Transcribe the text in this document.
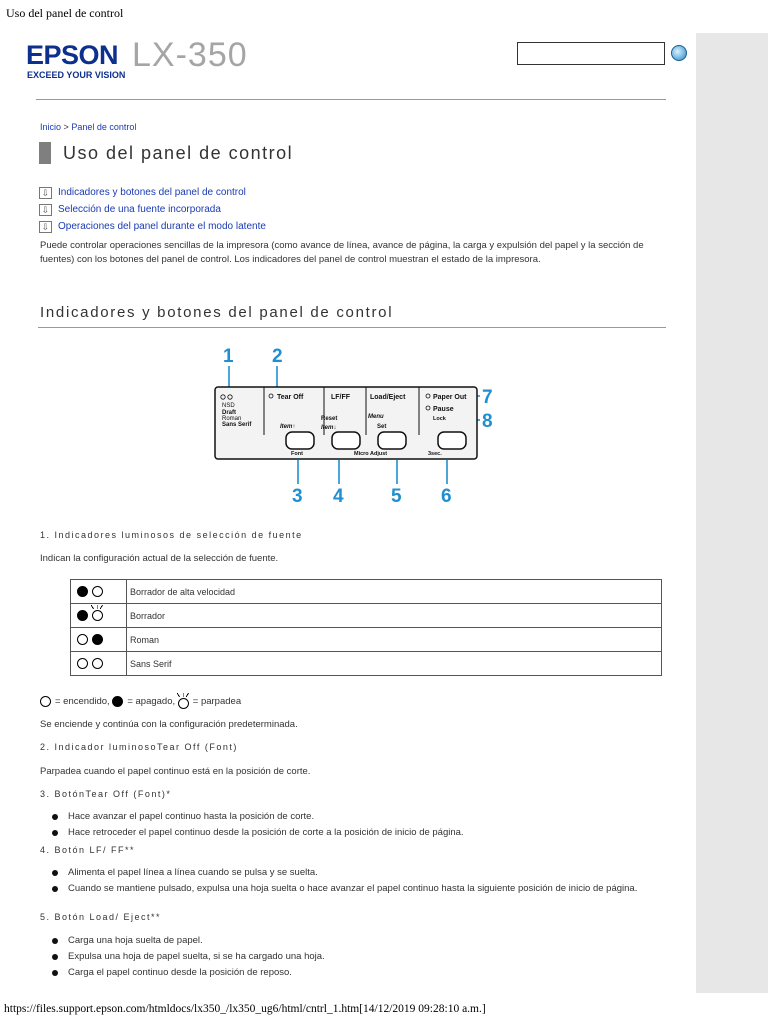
Uso del panel de control
EPSON
EXCEED YOUR VISION
LX-350
Inicio > Panel de control
Uso del panel de control
⇩ Indicadores y botones del panel de control
⇩ Selección de una fuente incorporada
⇩ Operaciones del panel durante el modo latente

Puede controlar operaciones sencillas de la impresora (como avance de línea, avance de página, la carga y expulsión del papel y la sección de fuentes) con los botones del panel de control. Los indicadores del panel de control muestran el estado de la impresora.

Indicadores y botones del panel de control
1 2
3 4 5 6
7
8
NSD
Draft
Roman
Sans Serif
Tear Off	LF/FF	Load/Eject	Paper Out
Pause
Lock
Reset	Menu
Set
Item↑	Item↓
Font	Micro Adjust	3sec.
1. Indicadores luminosos de selección de fuente
Indican la configuración actual de la selección de fuente.
	Borrador de alta velocidad
	Borrador
	Roman
	Sans Serif
= encendido,
= apagado,
= parpadea
Se enciende y continúa con la configuración predeterminada.
2. Indicador luminosoTear Off (Font)
Parpadea cuando el papel continuo está en la posición de corte.
3. BotónTear Off (Font)*
Hace avanzar el papel continuo hasta la posición de corte.
Hace retroceder el papel continuo desde la posición de corte a la posición de inicio de página.
4. Botón LF/ FF**
Alimenta el papel línea a línea cuando se pulsa y se suelta.
Cuando se mantiene pulsado, expulsa una hoja suelta o hace avanzar el papel continuo hasta la siguiente posición de inicio de página.
5. Botón Load/ Eject**
Carga una hoja suelta de papel.
Expulsa una hoja de papel suelta, si se ha cargado una hoja.
Carga el papel continuo desde la posición de reposo.
https://files.support.epson.com/htmldocs/lx350_/lx350_ug6/html/cntrl_1.htm[14/12/2019 09:28:10 a.m.]
